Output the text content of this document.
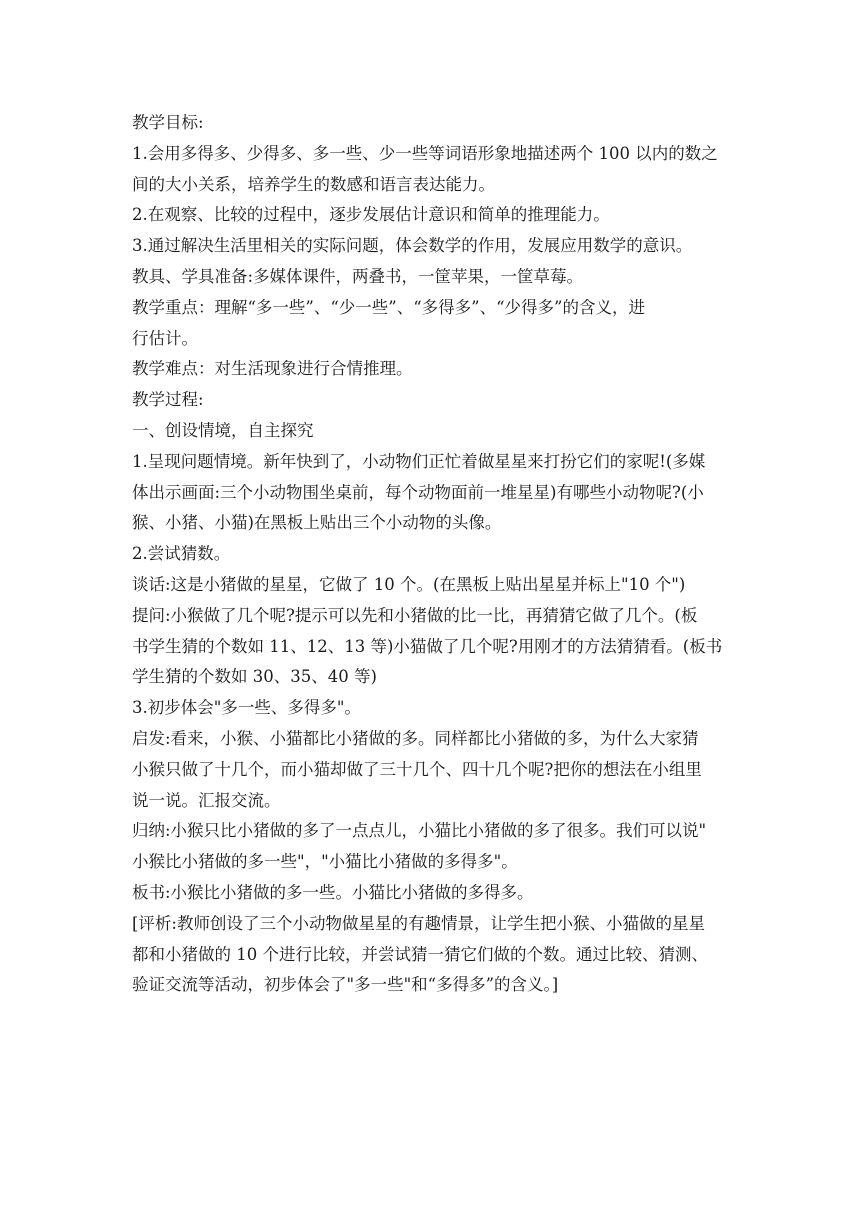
教学目标:

1.会用多得多、少得多、多一些、少一些等词语形象地描述两个 100 以内的数之

间的大小关系，培养学生的数感和语言表达能力。

2.在观察、比较的过程中，逐步发展估计意识和简单的推理能力。

3.通过解决生活里相关的实际问题，体会数学的作用，发展应用数学的意识。

教具、学具准备:多媒体课件，两叠书，一筐苹果，一筐草莓。

教学重点：理解“多一些”、“少一些”、“多得多”、“少得多”的含义，进

行估计。

教学难点：对生活现象进行合情推理。

教学过程:

一、创设情境，自主探究

1.呈现问题情境。新年快到了，小动物们正忙着做星星来打扮它们的家呢!(多媒

体出示画面:三个小动物围坐桌前，每个动物面前一堆星星)有哪些小动物呢?(小

猴、小猪、小猫)在黑板上贴出三个小动物的头像。

2.尝试猜数。

谈话:这是小猪做的星星，它做了 10 个。(在黑板上贴出星星并标上"10 个")

提问:小猴做了几个呢?提示可以先和小猪做的比一比，再猜猜它做了几个。(板

书学生猜的个数如 11、12、13 等)小猫做了几个呢?用刚才的方法猜猜看。(板书

学生猜的个数如 30、35、40 等)

3.初步体会"多一些、多得多"。

启发:看来，小猴、小猫都比小猪做的多。同样都比小猪做的多，为什么大家猜

小猴只做了十几个，而小猫却做了三十几个、四十几个呢?把你的想法在小组里

说一说。汇报交流。

归纳:小猴只比小猪做的多了一点点儿，小猫比小猪做的多了很多。我们可以说"

小猴比小猪做的多一些"，"小猫比小猪做的多得多"。

板书:小猴比小猪做的多一些。小猫比小猪做的多得多。

[评析:教师创设了三个小动物做星星的有趣情景，让学生把小猴、小猫做的星星

都和小猪做的 10 个进行比较，并尝试猜一猜它们做的个数。通过比较、猜测、

验证交流等活动，初步体会了"多一些"和“多得多”的含义。]
